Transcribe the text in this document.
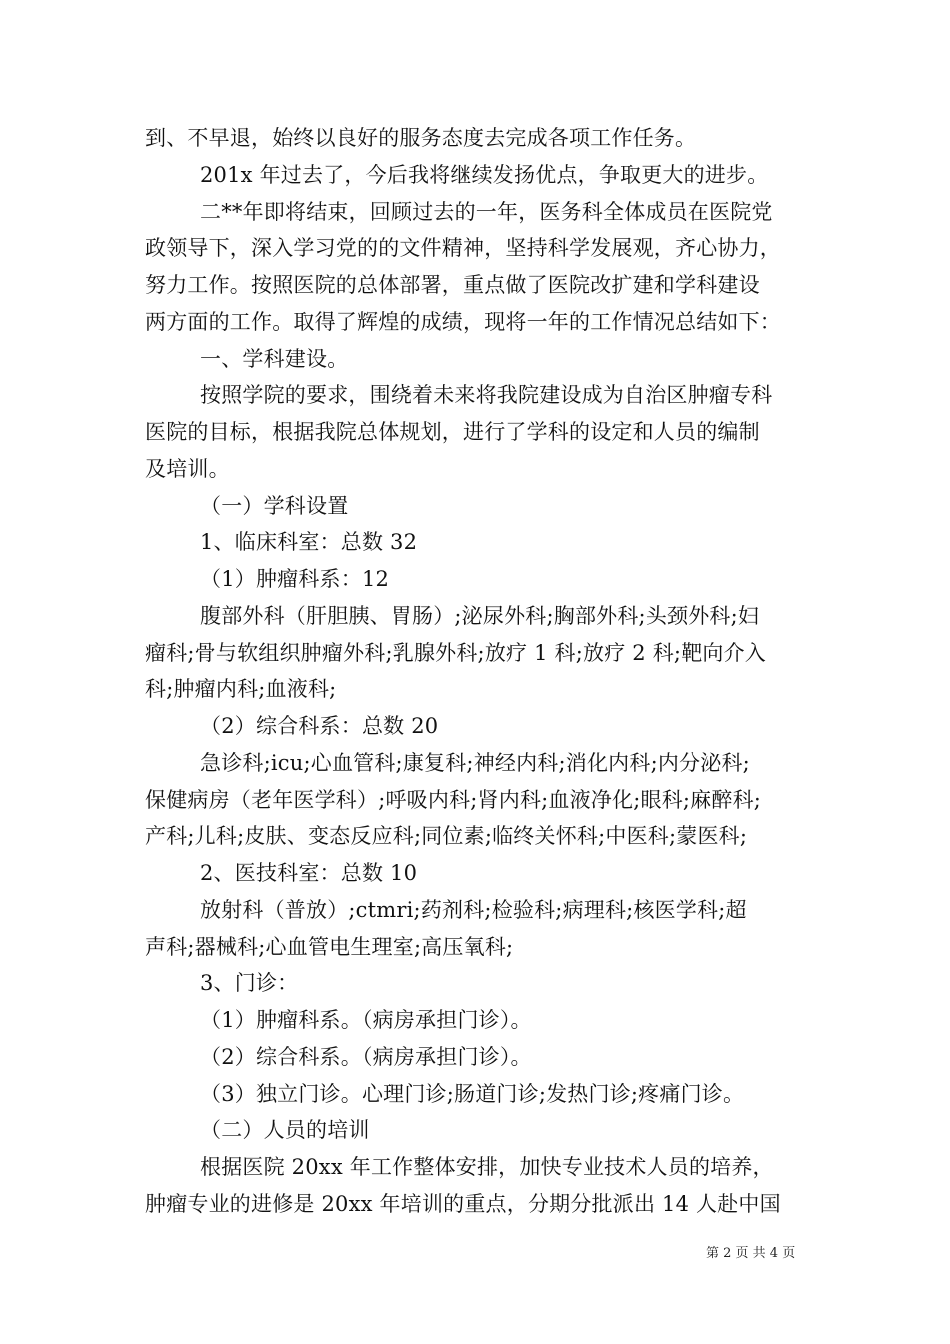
到、不早退，始终以良好的服务态度去完成各项工作任务。
201x 年过去了，今后我将继续发扬优点，争取更大的进步。
二**年即将结束，回顾过去的一年，医务科全体成员在医院党
政领导下，深入学习党的的文件精神，坚持科学发展观，齐心协力，
努力工作。按照医院的总体部署，重点做了医院改扩建和学科建设
两方面的工作。取得了辉煌的成绩，现将一年的工作情况总结如下：
一、学科建设。
按照学院的要求，围绕着未来将我院建设成为自治区肿瘤专科
医院的目标，根据我院总体规划，进行了学科的设定和人员的编制
及培训。
（一）学科设置
1、临床科室：总数 32
（1）肿瘤科系：12
腹部外科（肝胆胰、胃肠）;泌尿外科;胸部外科;头颈外科;妇
瘤科;骨与软组织肿瘤外科;乳腺外科;放疗 1 科;放疗 2 科;靶向介入
科;肿瘤内科;血液科;
（2）综合科系：总数 20
急诊科;icu;心血管科;康复科;神经内科;消化内科;内分泌科;
保健病房（老年医学科）;呼吸内科;肾内科;血液净化;眼科;麻醉科;
产科;儿科;皮肤、变态反应科;同位素;临终关怀科;中医科;蒙医科;
2、医技科室：总数 10
放射科（普放）;ctmri;药剂科;检验科;病理科;核医学科;超
声科;器械科;心血管电生理室;高压氧科;
3、门诊：
（1）肿瘤科系。（病房承担门诊）。
（2）综合科系。（病房承担门诊）。
（3）独立门诊。心理门诊;肠道门诊;发热门诊;疼痛门诊。
（二）人员的培训
根据医院 20xx 年工作整体安排，加快专业技术人员的培养，
肿瘤专业的进修是 20xx 年培训的重点，分期分批派出 14 人赴中国
第 2 页 共 4 页
